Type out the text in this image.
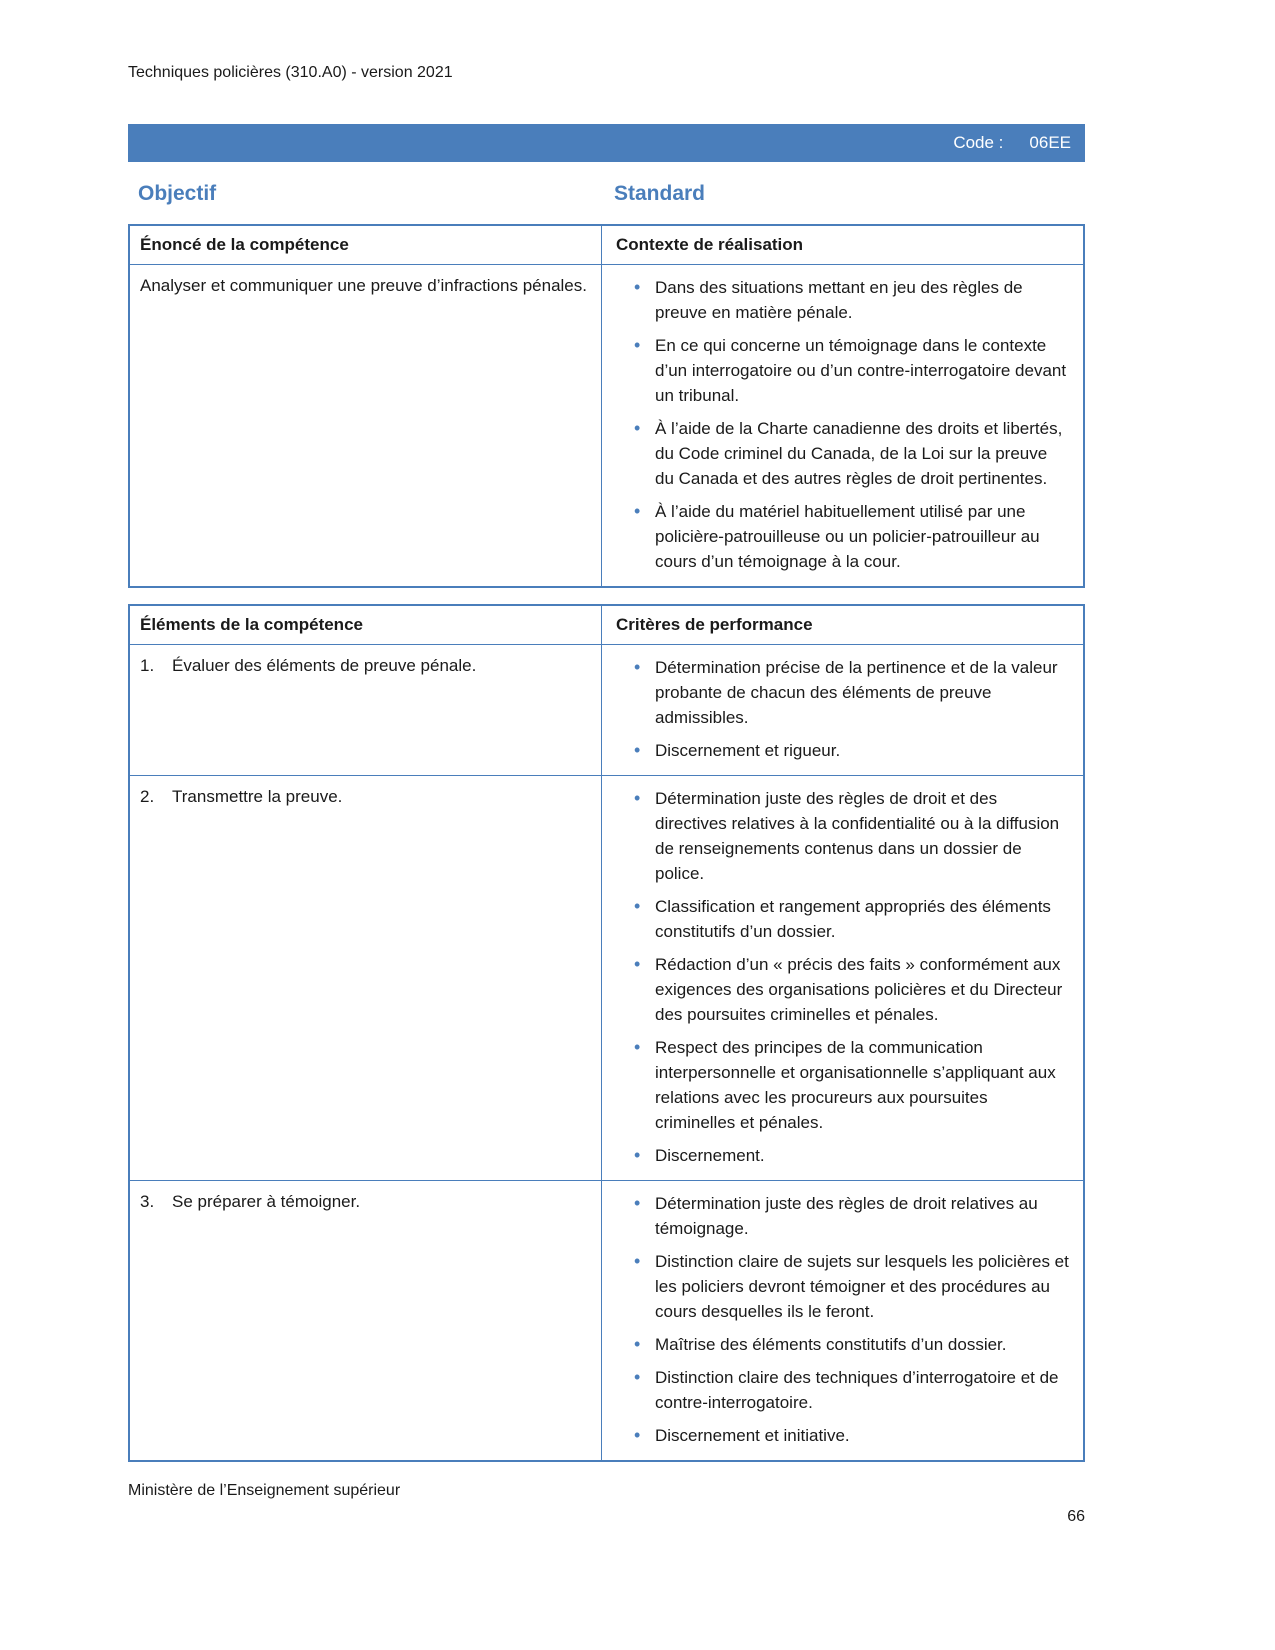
Techniques policières (310.A0) - version 2021
Code : 06EE
Objectif	Standard
Énoncé de la compétence	Contexte de réalisation

Analyser et communiquer une preuve d’infractions pénales.	• Dans des situations mettant en jeu des règles de preuve en matière pénale.
• En ce qui concerne un témoignage dans le contexte d’un interrogatoire ou d’un contre-interrogatoire devant un tribunal.
• À l’aide de la Charte canadienne des droits et libertés, du Code criminel du Canada, de la Loi sur la preuve du Canada et des autres règles de droit pertinentes.
• À l’aide du matériel habituellement utilisé par une policière-patrouilleuse ou un policier-patrouilleur au cours d’un témoignage à la cour.
Éléments de la compétence	Critères de performance
1.	Évaluer des éléments de preuve pénale.	• Détermination précise de la pertinence et de la valeur probante de chacun des éléments de preuve admissibles.
• Discernement et rigueur.
2.	Transmettre la preuve.	• Détermination juste des règles de droit et des directives relatives à la confidentialité ou à la diffusion de renseignements contenus dans un dossier de police.
• Classification et rangement appropriés des éléments constitutifs d’un dossier.
• Rédaction d’un « précis des faits » conformément aux exigences des organisations policières et du Directeur des poursuites criminelles et pénales.
• Respect des principes de la communication interpersonnelle et organisationnelle s’appliquant aux relations avec les procureurs aux poursuites criminelles et pénales.
• Discernement.
3.	Se préparer à témoigner.	• Détermination juste des règles de droit relatives au témoignage.
• Distinction claire de sujets sur lesquels les policières et les policiers devront témoigner et des procédures au cours desquelles ils le feront.
• Maîtrise des éléments constitutifs d’un dossier.
• Distinction claire des techniques d’interrogatoire et de contre-interrogatoire.
• Discernement et initiative.
Ministère de l’Enseignement supérieur
66
